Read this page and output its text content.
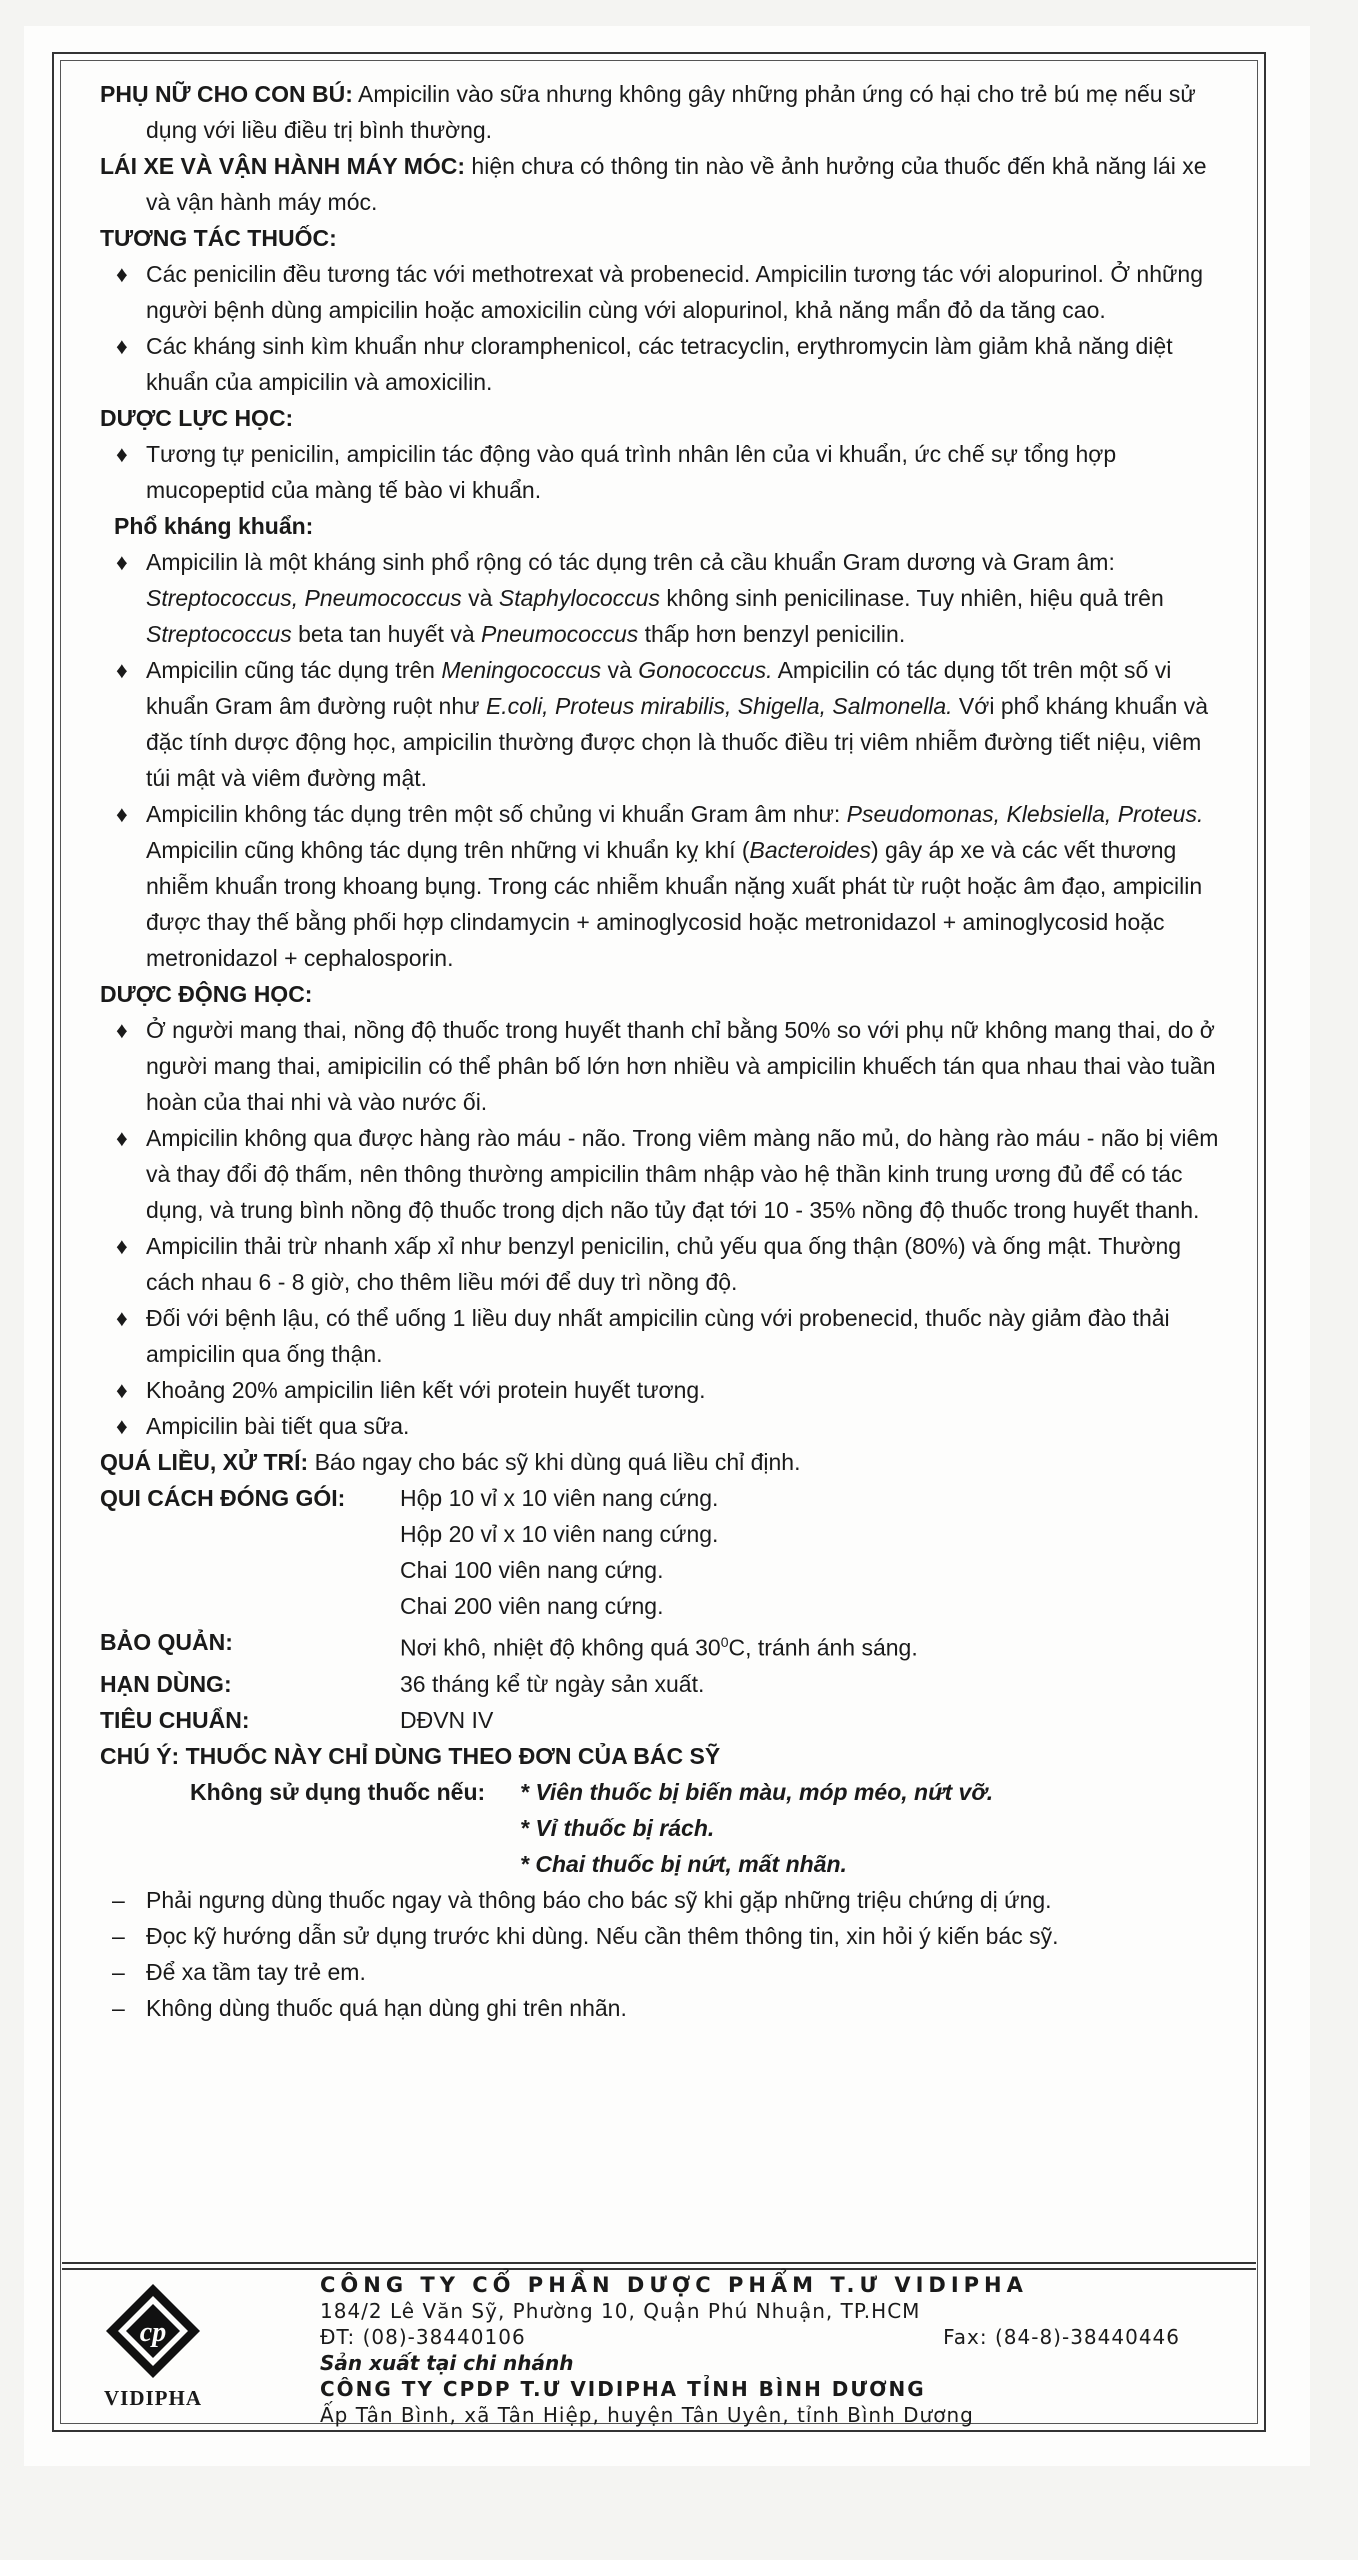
PHỤ NỮ CHO CON BÚ: Ampicilin vào sữa nhưng không gây những phản ứng có hại cho trẻ bú mẹ nếu sử dụng với liều điều trị bình thường.

LÁI XE VÀ VẬN HÀNH MÁY MÓC: hiện chưa có thông tin nào về ảnh hưởng của thuốc đến khả năng lái xe và vận hành máy móc.

TƯƠNG TÁC THUỐC:

♦ Các penicilin đều tương tác với methotrexat và probenecid. Ampicilin tương tác với alopurinol. Ở những người bệnh dùng ampicilin hoặc amoxicilin cùng với alopurinol, khả năng mẩn đỏ da tăng cao.

♦ Các kháng sinh kìm khuẩn như cloramphenicol, các tetracyclin, erythromycin làm giảm khả năng diệt khuẩn của ampicilin và amoxicilin.

DƯỢC LỰC HỌC:

♦ Tương tự penicilin, ampicilin tác động vào quá trình nhân lên của vi khuẩn, ức chế sự tổng hợp mucopeptid của màng tế bào vi khuẩn.

Phổ kháng khuẩn:

♦ Ampicilin là một kháng sinh phổ rộng có tác dụng trên cả cầu khuẩn Gram dương và Gram âm: Streptococcus, Pneumococcus và Staphylococcus không sinh penicilinase. Tuy nhiên, hiệu quả trên Streptococcus beta tan huyết và Pneumococcus thấp hơn benzyl penicilin.

♦ Ampicilin cũng tác dụng trên Meningococcus và Gonococcus. Ampicilin có tác dụng tốt trên một số vi khuẩn Gram âm đường ruột như E.coli, Proteus mirabilis, Shigella, Salmonella. Với phổ kháng khuẩn và đặc tính dược động học, ampicilin thường được chọn là thuốc điều trị viêm nhiễm đường tiết niệu, viêm túi mật và viêm đường mật.

♦ Ampicilin không tác dụng trên một số chủng vi khuẩn Gram âm như: Pseudomonas, Klebsiella, Proteus. Ampicilin cũng không tác dụng trên những vi khuẩn kỵ khí (Bacteroides) gây áp xe và các vết thương nhiễm khuẩn trong khoang bụng. Trong các nhiễm khuẩn nặng xuất phát từ ruột hoặc âm đạo, ampicilin được thay thế bằng phối hợp clindamycin + aminoglycosid hoặc metronidazol + aminoglycosid hoặc metronidazol + cephalosporin.

DƯỢC ĐỘNG HỌC:

♦ Ở người mang thai, nồng độ thuốc trong huyết thanh chỉ bằng 50% so với phụ nữ không mang thai, do ở người mang thai, amipicilin có thể phân bố lớn hơn nhiều và ampicilin khuếch tán qua nhau thai vào tuần hoàn của thai nhi và vào nước ối.

♦ Ampicilin không qua được hàng rào máu - não. Trong viêm màng não mủ, do hàng rào máu - não bị viêm và thay đổi độ thấm, nên thông thường ampicilin thâm nhập vào hệ thần kinh trung ương đủ để có tác dụng, và trung bình nồng độ thuốc trong dịch não tủy đạt tới 10 - 35% nồng độ thuốc trong huyết thanh.

♦ Ampicilin thải trừ nhanh xấp xỉ như benzyl penicilin, chủ yếu qua ống thận (80%) và ống mật. Thường cách nhau 6 - 8 giờ, cho thêm liều mới để duy trì nồng độ.

♦ Đối với bệnh lậu, có thể uống 1 liều duy nhất ampicilin cùng với probenecid, thuốc này giảm đào thải ampicilin qua ống thận.

♦ Khoảng 20% ampicilin liên kết với protein huyết tương.

♦ Ampicilin bài tiết qua sữa.

QUÁ LIỀU, XỬ TRÍ: Báo ngay cho bác sỹ khi dùng quá liều chỉ định.

QUI CÁCH ĐÓNG GÓI:	Hộp 10 vỉ x 10 viên nang cứng.
Hộp 20 vỉ x 10 viên nang cứng.
Chai 100 viên nang cứng.
Chai 200 viên nang cứng.
BẢO QUẢN:	Nơi khô, nhiệt độ không quá $30^0C$, tránh ánh sáng.
HẠN DÙNG:	36 tháng kể từ ngày sản xuất.
TIÊU CHUẨN:	DĐVN IV
CHÚ Ý: THUỐC NÀY CHỈ DÙNG THEO ĐƠN CỦA BÁC SỸ
Không sử dụng thuốc nếu:	* Viên thuốc bị biến màu, móp méo, nứt vỡ.
* Vỉ thuốc bị rách.
* Chai thuốc bị nứt, mất nhãn.

– Phải ngưng dùng thuốc ngay và thông báo cho bác sỹ khi gặp những triệu chứng dị ứng.

– Đọc kỹ hướng dẫn sử dụng trước khi dùng. Nếu cần thêm thông tin, xin hỏi ý kiến bác sỹ.

– Để xa tầm tay trẻ em.

– Không dùng thuốc quá hạn dùng ghi trên nhãn.

cp
VIDIPHA
CÔNG TY CỔ PHẦN DƯỢC PHẨM T.Ư VIDIPHA
184/2 Lê Văn Sỹ, Phường 10, Quận Phú Nhuận, TP.HCM
ĐT: (08)-38440106	Fax: (84-8)-38440446
Sản xuất tại chi nhánh
CÔNG TY CPDP T.Ư VIDIPHA TỈNH BÌNH DƯƠNG
Ấp Tân Bình, xã Tân Hiệp, huyện Tân Uyên, tỉnh Bình Dương
